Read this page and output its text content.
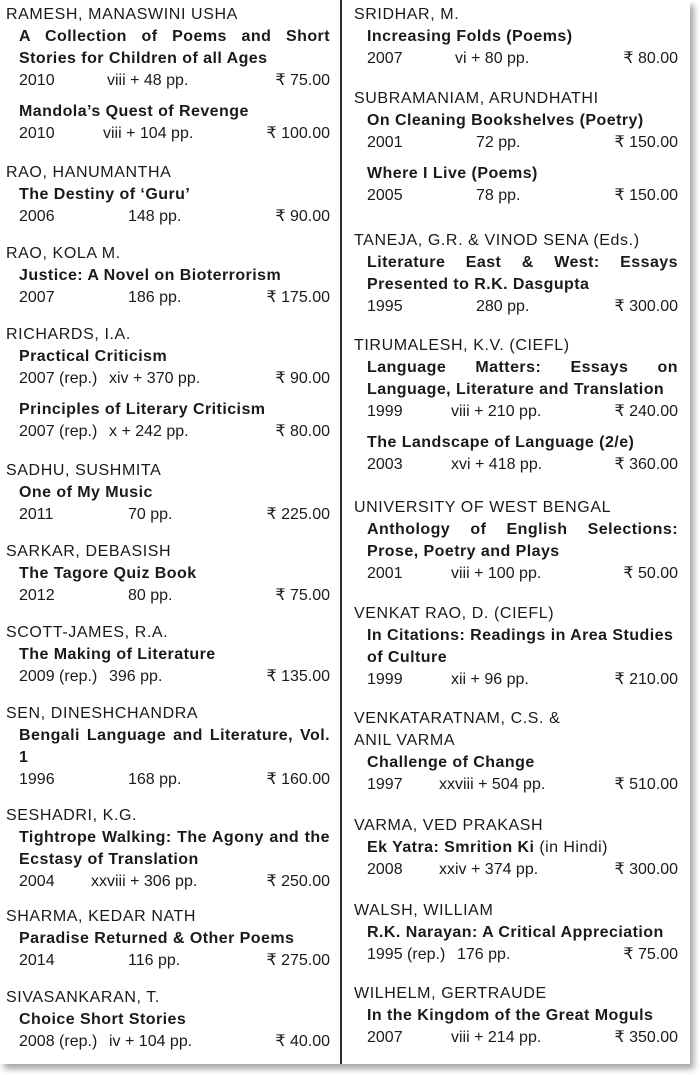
RAMESH, MANASWINI USHA
A Collection of Poems and Short Stories for Children of all Ages
2010	viii + 48 pp.	₹ 75.00
Mandola’s Quest of Revenge
2010	viii + 104 pp.	₹ 100.00
RAO, HANUMANTHA
The Destiny of ‘Guru’
2006	148 pp.	₹ 90.00
RAO, KOLA M.
Justice: A Novel on Bioterrorism
2007	186 pp.	₹ 175.00
RICHARDS, I.A.
Practical Criticism
2007 (rep.) xiv + 370 pp.	₹ 90.00
Principles of Literary Criticism
2007 (rep.) x + 242 pp.	₹ 80.00
SADHU, SUSHMITA
One of My Music
2011	70 pp.	₹ 225.00
SARKAR, DEBASISH
The Tagore Quiz Book
2012	80 pp.	₹ 75.00
SCOTT-JAMES, R.A.
The Making of Literature
2009 (rep.) 396 pp.	₹ 135.00
SEN, DINESHCHANDRA
Bengali Language and Literature, Vol. 1
1996	168 pp.	₹ 160.00
SESHADRI, K.G.
Tightrope Walking: The Agony and the Ecstasy of Translation
2004 xxviii + 306 pp.	₹ 250.00
SHARMA, KEDAR NATH
Paradise Returned & Other Poems
2014	116 pp.	₹ 275.00
SIVASANKARAN, T.
Choice Short Stories
2008 (rep.) iv + 104 pp.	₹ 40.00
SRIDHAR, M.
Increasing Folds (Poems)
2007	vi + 80 pp.	₹ 80.00
SUBRAMANIAM, ARUNDHATHI
On Cleaning Bookshelves (Poetry)
2001	72 pp.	₹ 150.00
Where I Live (Poems)
2005	78 pp.	₹ 150.00
TANEJA, G.R. & VINOD SENA (Eds.)
Literature East & West: Essays Presented to R.K. Dasgupta
1995	280 pp.	₹ 300.00
TIRUMALESH, K.V. (CIEFL)
Language Matters: Essays on Language, Literature and Translation
1999	viii + 210 pp.	₹ 240.00
The Landscape of Language (2/e)
2003	xvi + 418 pp.	₹ 360.00
UNIVERSITY OF WEST BENGAL
Anthology of English Selections: Prose, Poetry and Plays
2001	viii + 100 pp.	₹ 50.00
VENKAT RAO, D. (CIEFL)
In Citations: Readings in Area Studies of Culture
1999	xii + 96 pp.	₹ 210.00
VENKATARATNAM, C.S. &
ANIL VARMA
Challenge of Change
1997 xxviii + 504 pp.	₹ 510.00
VARMA, VED PRAKASH
Ek Yatra: Smrition Ki (in Hindi)
2008 xxiv + 374 pp.	₹ 300.00
WALSH, WILLIAM
R.K. Narayan: A Critical Appreciation
1995 (rep.) 176 pp.	₹ 75.00
WILHELM, GERTRAUDE
In the Kingdom of the Great Moguls
2007	viii + 214 pp.	₹ 350.00
